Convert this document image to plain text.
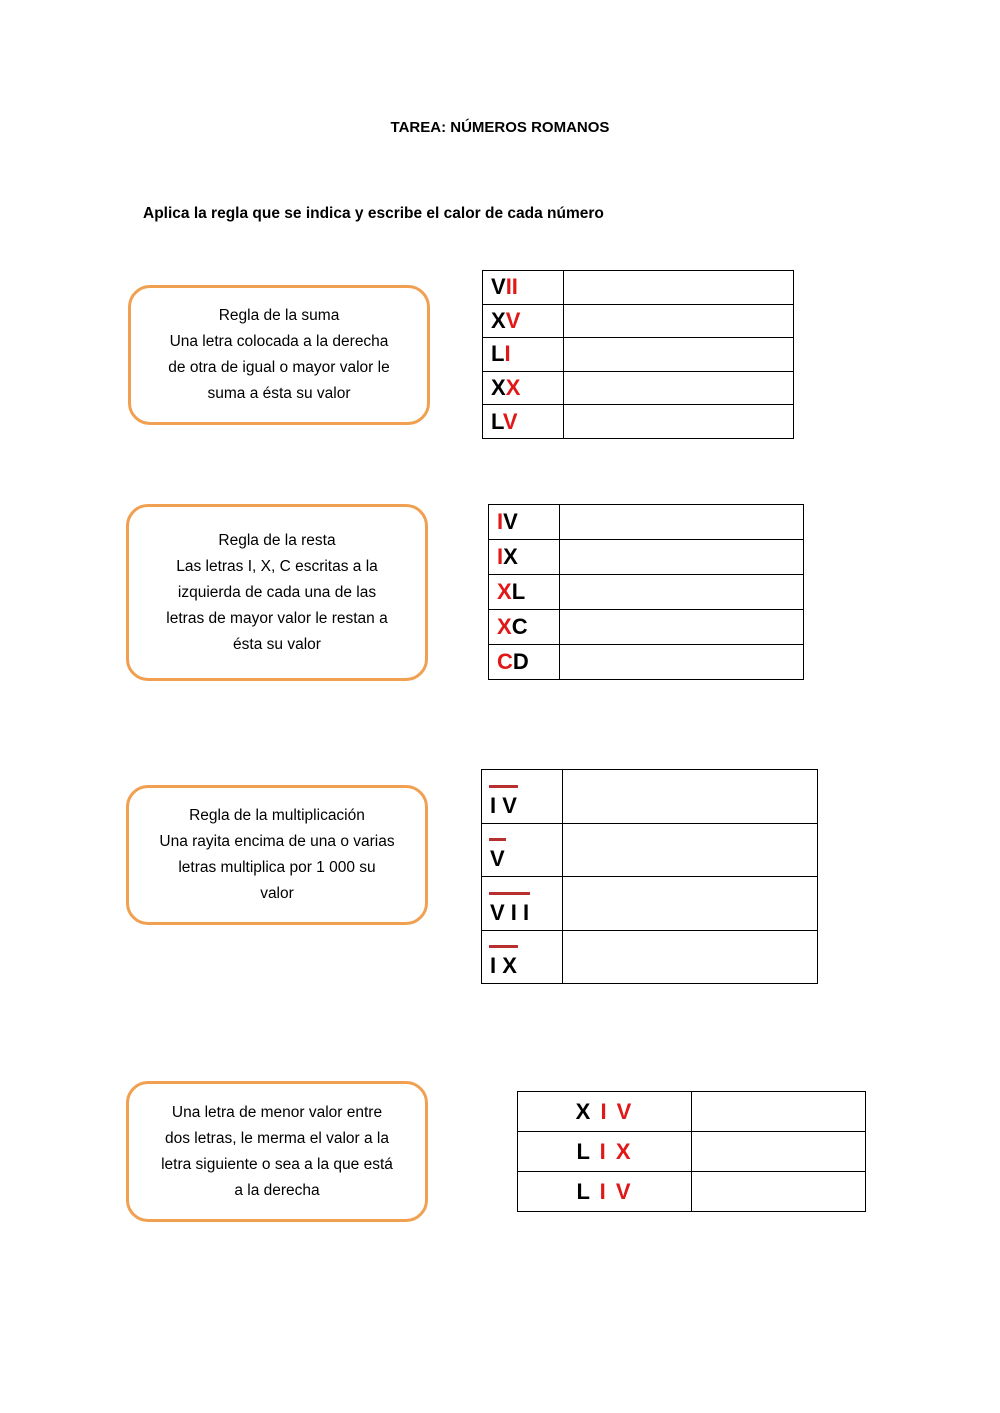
TAREA: NÚMEROS ROMANOS
Aplica la regla que se indica y escribe el calor de cada número
Regla de la suma
Una letra colocada a la derecha
de otra de igual o mayor valor le
suma a ésta su valor
VII	
XV	
LI	
XX	
LV	
Regla de la resta
Las letras I, X, C escritas a la
izquierda de cada una de las
letras de mayor valor le restan a
ésta su valor
IV	
IX	
XL	
XC	
CD	
Regla de la multiplicación
Una rayita encima de una o varias
letras multiplica por 1 000 su
valor
I V	

V	

V I I	

I X	
Una letra de menor valor entre
dos letras, le merma el valor a la
letra siguiente o sea a la que está
a la derecha
X I V	
L I X	
L I V	
